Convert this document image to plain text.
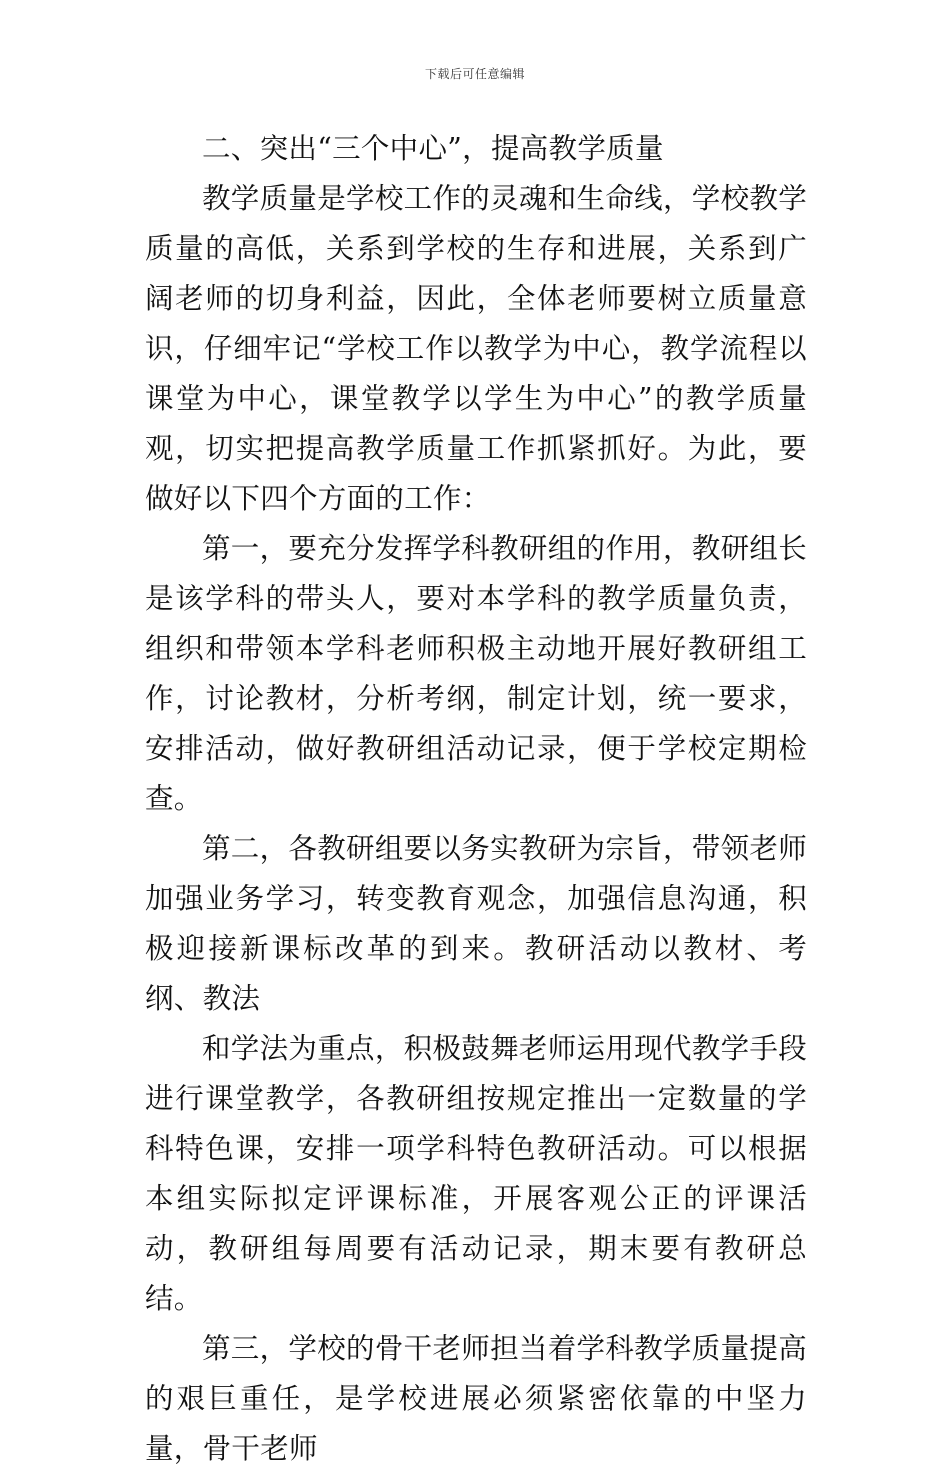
下载后可任意编辑

二、突出“三个中心”，提高教学质量

教学质量是学校工作的灵魂和生命线，学校教学质量的高低，关系到学校的生存和进展，关系到广阔老师的切身利益，因此，全体老师要树立质量意识，仔细牢记“学校工作以教学为中心，教学流程以课堂为中心，课堂教学以学生为中心”的教学质量观，切实把提高教学质量工作抓紧抓好。为此，要做好以下四个方面的工作：

第一，要充分发挥学科教研组的作用，教研组长是该学科的带头人，要对本学科的教学质量负责，组织和带领本学科老师积极主动地开展好教研组工作，讨论教材，分析考纲，制定计划，统一要求，安排活动，做好教研组活动记录，便于学校定期检查。

第二，各教研组要以务实教研为宗旨，带领老师加强业务学习，转变教育观念，加强信息沟通，积极迎接新课标改革的到来。教研活动以教材、考纲、教法

和学法为重点，积极鼓舞老师运用现代教学手段进行课堂教学，各教研组按规定推出一定数量的学科特色课，安排一项学科特色教研活动。可以根据本组实际拟定评课标准，开展客观公正的评课活动，教研组每周要有活动记录，期末要有教研总结。

第三，学校的骨干老师担当着学科教学质量提高的艰巨重任，是学校进展必须紧密依靠的中坚力量，骨干老师
